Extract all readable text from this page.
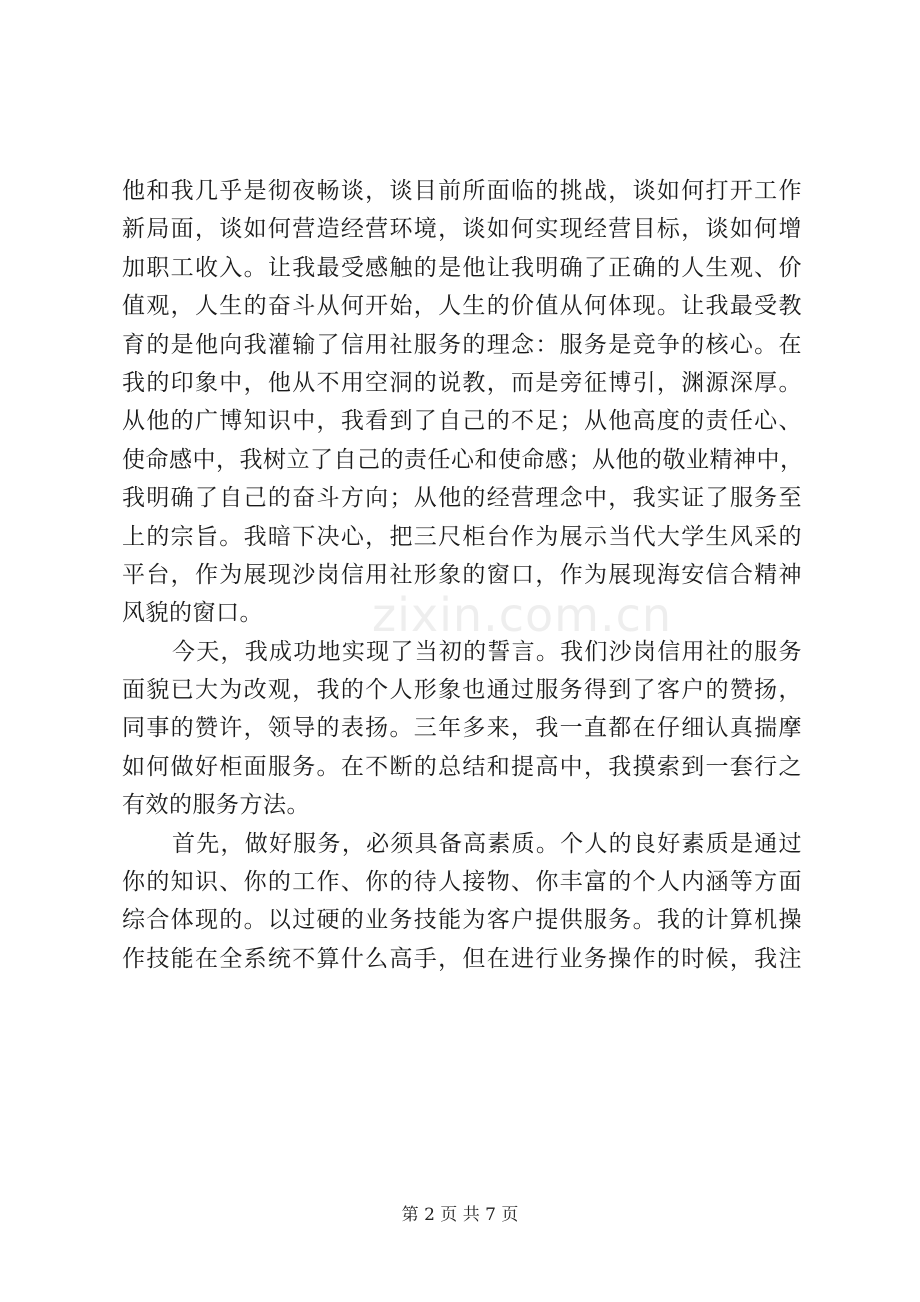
他和我几乎是彻夜畅谈，谈目前所面临的挑战，谈如何打开工作
新局面，谈如何营造经营环境，谈如何实现经营目标，谈如何增
加职工收入。让我最受感触的是他让我明确了正确的人生观、价
值观，人生的奋斗从何开始，人生的价值从何体现。让我最受教
育的是他向我灌输了信用社服务的理念：服务是竞争的核心。在
我的印象中，他从不用空洞的说教，而是旁征博引，渊源深厚。
从他的广博知识中，我看到了自己的不足；从他高度的责任心、
使命感中，我树立了自己的责任心和使命感；从他的敬业精神中，
我明确了自己的奋斗方向；从他的经营理念中，我实证了服务至
上的宗旨。我暗下决心，把三尺柜台作为展示当代大学生风采的
平台，作为展现沙岗信用社形象的窗口，作为展现海安信合精神
风貌的窗口。
今天，我成功地实现了当初的誓言。我们沙岗信用社的服务
面貌已大为改观，我的个人形象也通过服务得到了客户的赞扬，
同事的赞许，领导的表扬。三年多来，我一直都在仔细认真揣摩
如何做好柜面服务。在不断的总结和提高中，我摸索到一套行之
有效的服务方法。
首先，做好服务，必须具备高素质。个人的良好素质是通过
你的知识、你的工作、你的待人接物、你丰富的个人内涵等方面
综合体现的。以过硬的业务技能为客户提供服务。我的计算机操
作技能在全系统不算什么高手，但在进行业务操作的时候，我注
zixin.com.cn
第 2 页 共 7 页
